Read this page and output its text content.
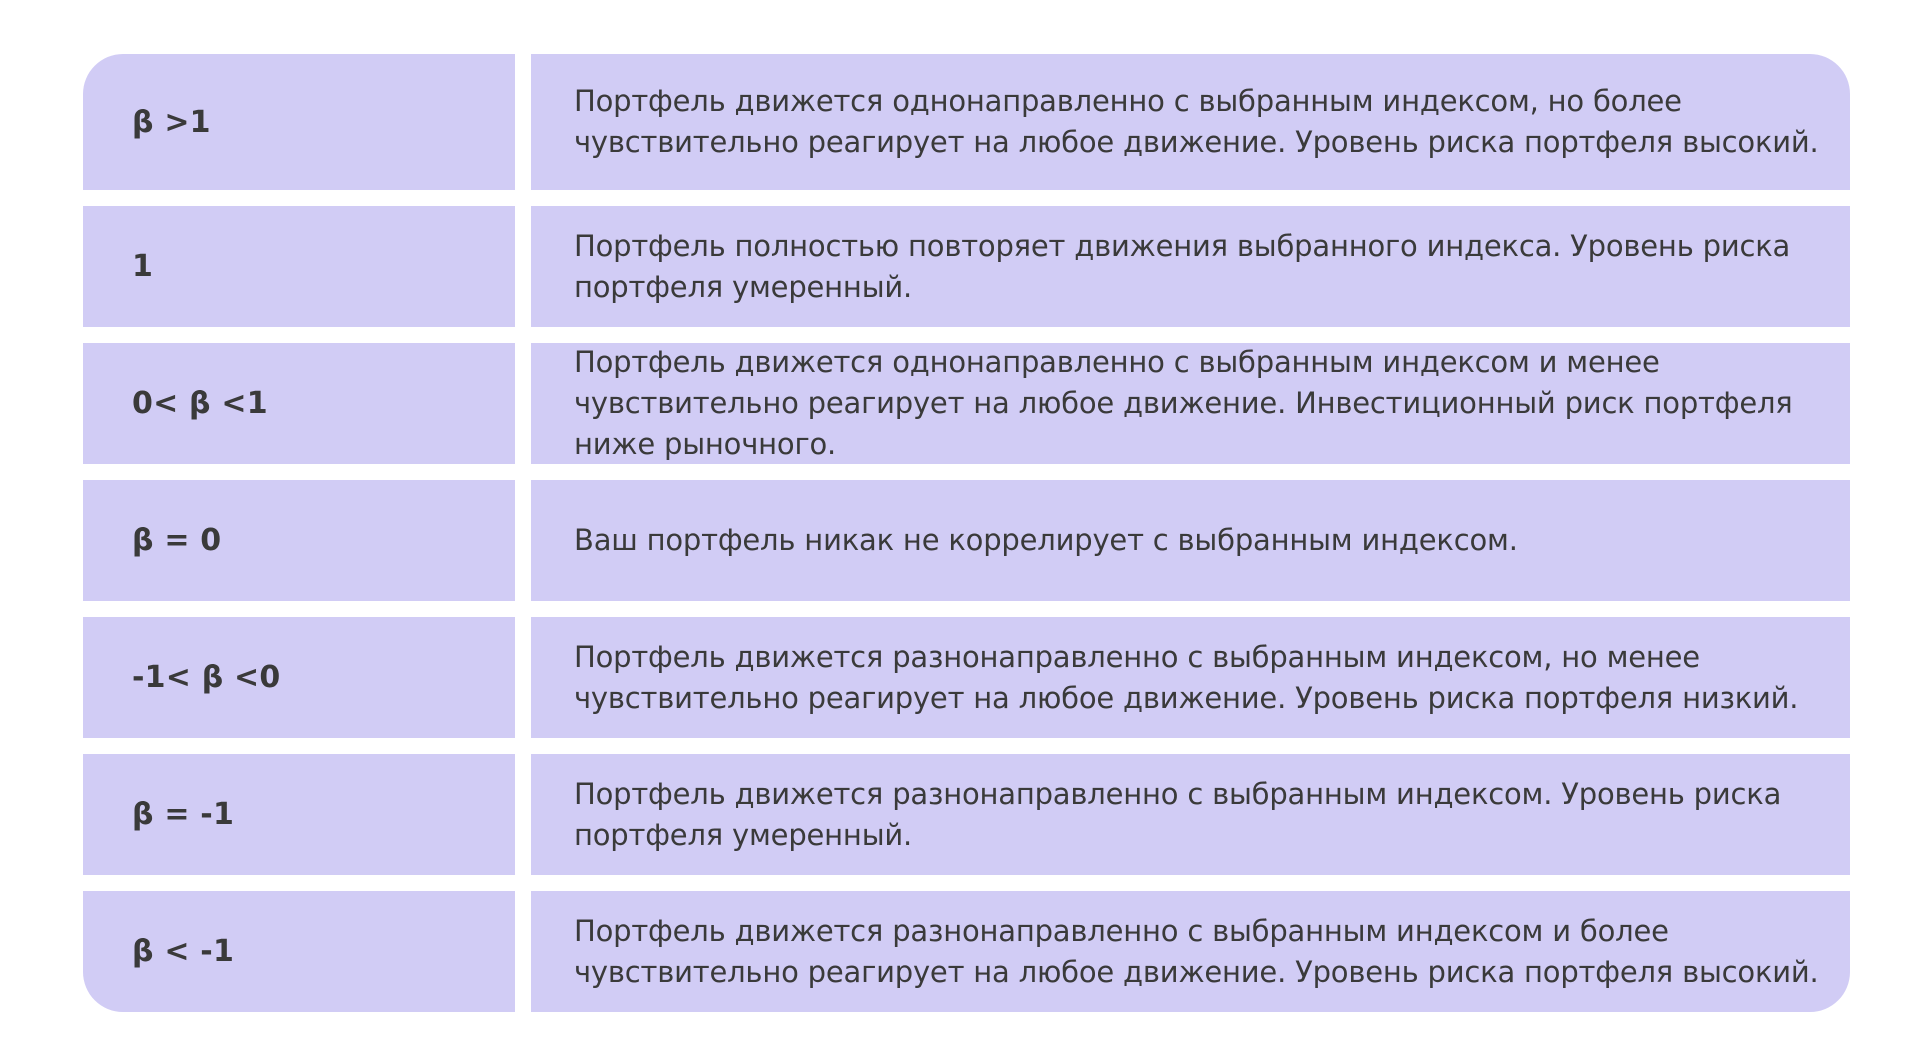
β >1
Портфель движется однонаправленно с выбранным индексом, но более чувствительно реагирует на любое движение. Уровень риска портфеля высокий.
1
Портфель полностью повторяет движения выбранного индекса. Уровень риска портфеля умеренный.
0< β <1
Портфель движется однонаправленно с выбранным индексом и менее чувствительно реагирует на любое движение. Инвестиционный риск портфеля ниже рыночного.
β = 0	Ваш портфель никак не коррелирует с выбранным индексом.
-1< β <0
Портфель движется разнонаправленно с выбранным индексом, но менее чувствительно реагирует на любое движение. Уровень риска портфеля низкий.
β = -1
Портфель движется разнонаправленно с выбранным индексом. Уровень риска портфеля умеренный.
β < -1
Портфель движется разнонаправленно с выбранным индексом и более чувствительно реагирует на любое движение. Уровень риска портфеля высокий.
